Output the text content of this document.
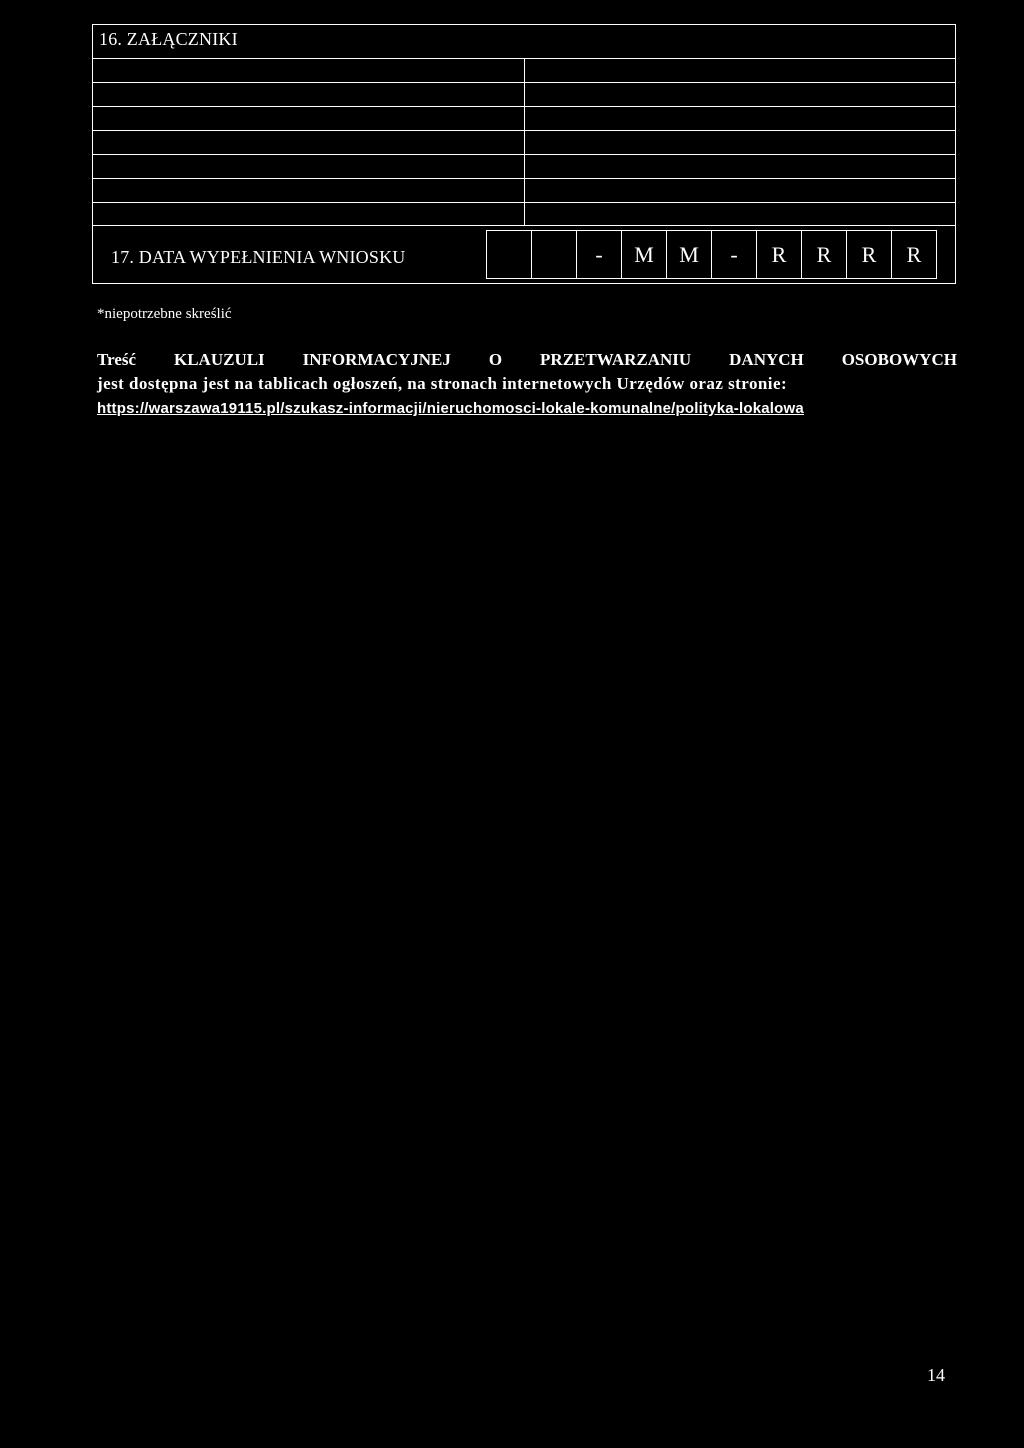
16. ZAŁĄCZNIKI
17. DATA WYPEŁNIENIA WNIOSKU	-	M	M	-	R	R	R	R
*niepotrzebne skreślić
Treść KLAUZULI INFORMACYJNEJ O PRZETWARZANIU DANYCH OSOBOWYCH
jest dostępna jest na tablicach ogłoszeń, na stronach internetowych Urzędów oraz stronie:
https://warszawa19115.pl/szukasz-informacji/nieruchomosci-lokale-komunalne/polityka-lokalowa
14
